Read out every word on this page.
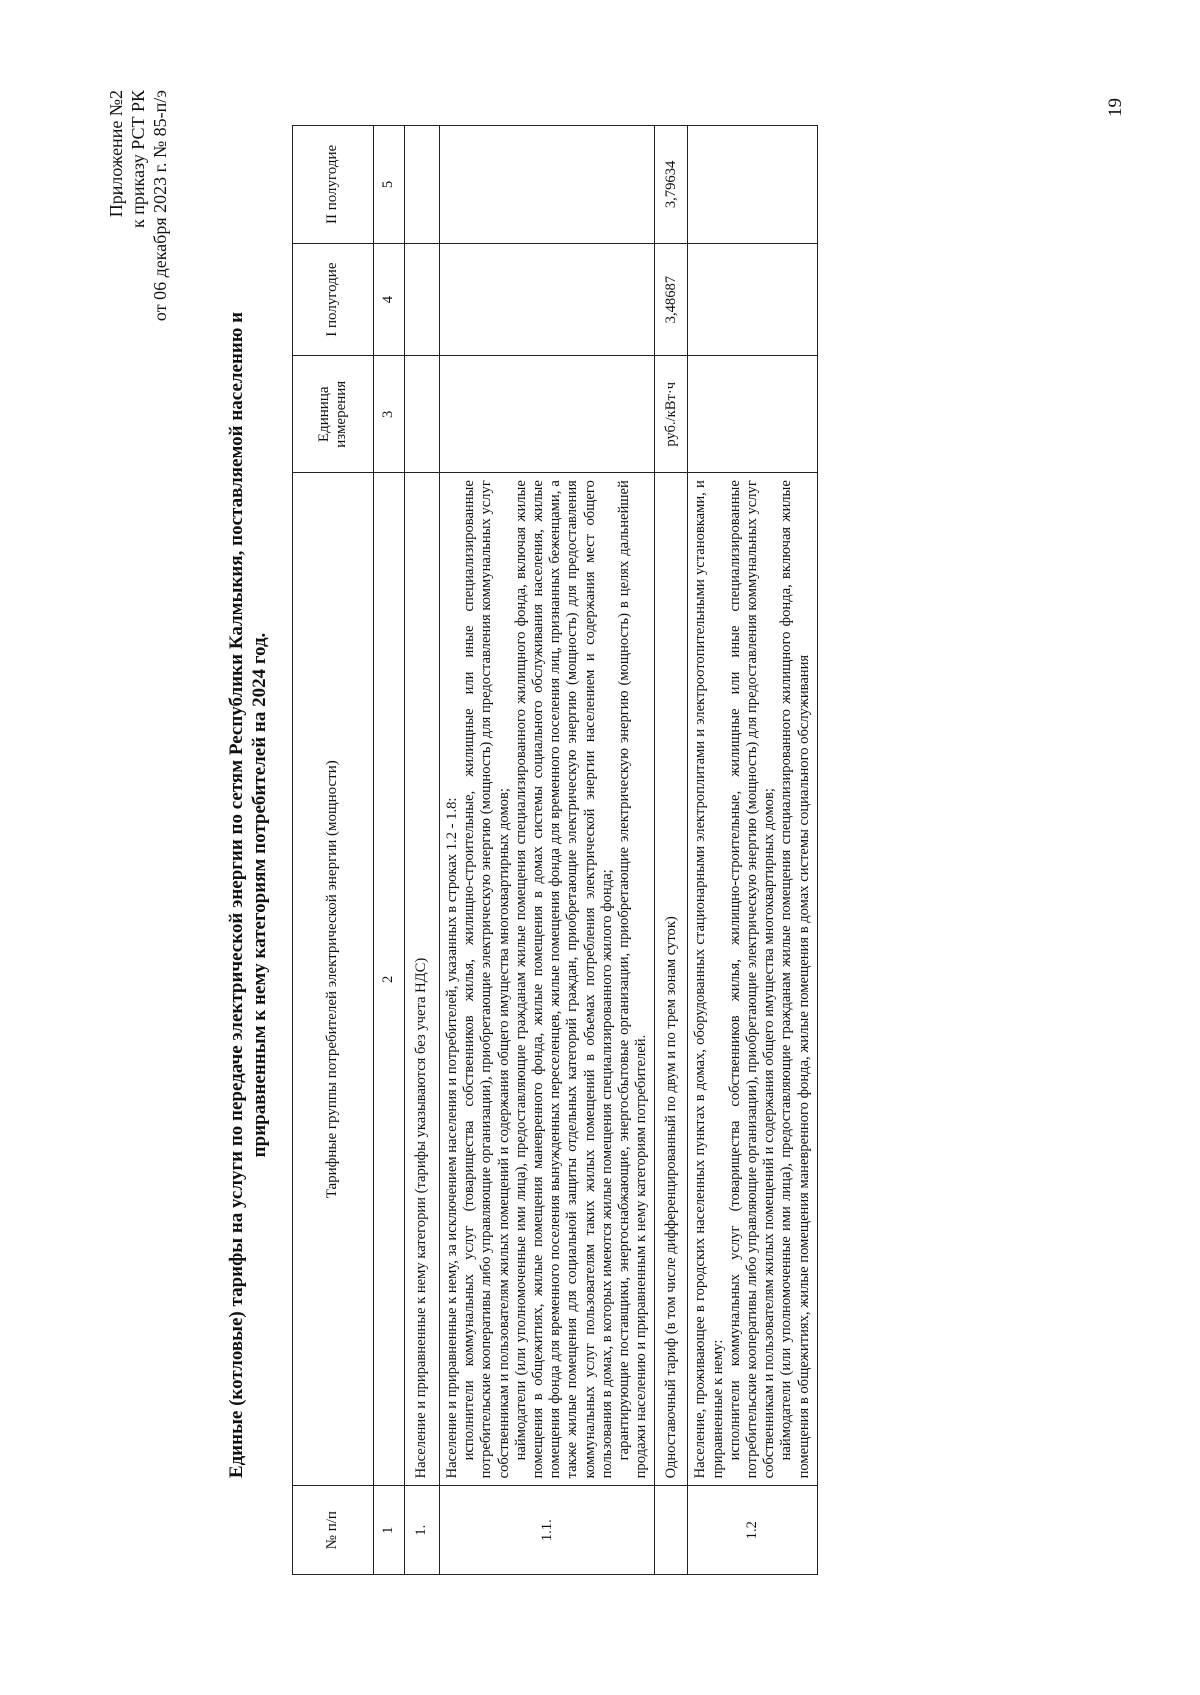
Приложение №2 к приказу РСТ РК от 06 декабря 2023 г. № 85-п/э
Единые (котловые) тарифы на услуги по передаче электрической энергии по сетям Республики Калмыкия, поставляемой населению и приравненным к нему категориям потребителей на 2024 год.
№ п/п	Тарифные группы потребителей электрической энергии (мощности)	Единица измерения	I полугодие	II полугодие
1	2	3	4	5
1.	Население и приравненные к нему категории (тарифы указываются без учета НДС)			
1.1.	Население и приравненные к нему, за исключением населения и потребителей, указанных в строках 1.2 - 1.8: исполнители коммунальных услуг (товарищества собственников жилья, жилищно-строительные, жилищные или иные специализированные потребительские кооперативы либо управляющие организации), приобретающие электрическую энергию (мощность) для предоставления коммунальных услуг собственникам и пользователям жилых помещений и содержания общего имущества многоквартирных домов; наймодатели (или уполномоченные ими лица), предоставляющие гражданам жилые помещения специализированного жилищного фонда, включая жилые помещения в общежитиях, жилые помещения маневренного фонда, жилые помещения в домах системы социального обслуживания населения, жилые помещения фонда для временного поселения вынужденных переселенцев, жилые помещения фонда для временного поселения лиц, признанных беженцами, а также жилые помещения для социальной защиты отдельных категорий граждан, приобретающие электрическую энергию (мощность) для предоставления коммунальных услуг пользователям таких жилых помещений в объемах потребления электрической энергии населением и содержания мест общего пользования в домах, в которых имеются жилые помещения специализированного жилого фонда; гарантирующие поставщики, энергоснабжающие, энергосбытовые организации, приобретающие электрическую энергию (мощность) в целях дальнейшей продажи населению и приравненным к нему категориям потребителей.			

	Одноставочный тариф (в том числе дифференцированный по двум и по трем зонам суток)	руб./кВт·ч	3,48687	3,79634
1.2	Население, проживающее в городских населенных пунктах в домах, оборудованных стационарными электроплитами и электроотопительными установками, и приравненные к нему: исполнители коммунальных услуг (товарищества собственников жилья, жилищно-строительные, жилищные или иные специализированные потребительские кооперативы либо управляющие организации), приобретающие электрическую энергию (мощность) для предоставления коммунальных услуг собственникам и пользователям жилых помещений и содержания общего имущества многоквартирных домов; наймодатели (или уполномоченные ими лица), предоставляющие гражданам жилые помещения специализированного жилищного фонда, включая жилые помещения в общежитиях, жилые помещения маневренного фонда, жилые помещения в домах системы социального обслуживания			

19
